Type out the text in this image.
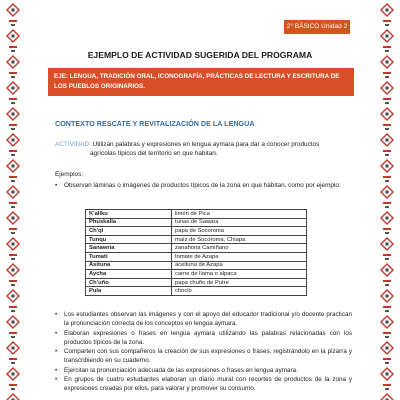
2° BÁSICO Unidad 2
EJEMPLO DE ACTIVIDAD SUGERIDA DEL PROGRAMA
EJE: LENGUA, TRADICIÓN ORAL, ICONOGRAFÍA, PRÁCTICAS DE LECTURA Y ESCRITURA DE LOS PUEBLOS ORIGINARIOS.
CONTEXTO RESCATE Y REVITALIZACIÓN DE LA LENGUA
ACTIVIDAD: Utilizan palabras y expresiones en lengua aymara para dar a conocer productos
agrícolas típicos del territorio en que habitan.
Ejemplos:
• Observan láminas o imágenes de productos típicos de la zona en que habitan, como por ejemplo:
K'allku	limón de Pica
Phuskalla	tunas de Sawara
Ch'qi	papa de Socoroma
Tunqu	maíz de Socoroma, Chiapa
Sanawria	zanahoria Camiñano
Tumati	tomate de Azapa
Asituna	aceituna de Azapa
Aycha	carne de llama o alpaca
Ch'uño	papa chuño de Putre
Pula	choclo
• Los estudiantes observan las imágenes y con el apoyo del educador tradicional y/o docente practican la pronunciación correcta de los conceptos en lengua aymara.
• Elaboran expresiones o frases en lengua aymara utilizando las palabras relacionadas con los productos típicos de la zona.
• Comparten con sus compañeros la creación de sus expresiones o frases, registrándolo en la pizarra y transcribiendo en su cuaderno.
• Ejercitan la pronunciación adecuada de las expresiones o frases en lengua aymara.
• En grupos de cuatro estudiantes elaboran un diario mural con recortes de productos de la zona y expresiones creadas por ellos, para valorar y promover su consumo.
